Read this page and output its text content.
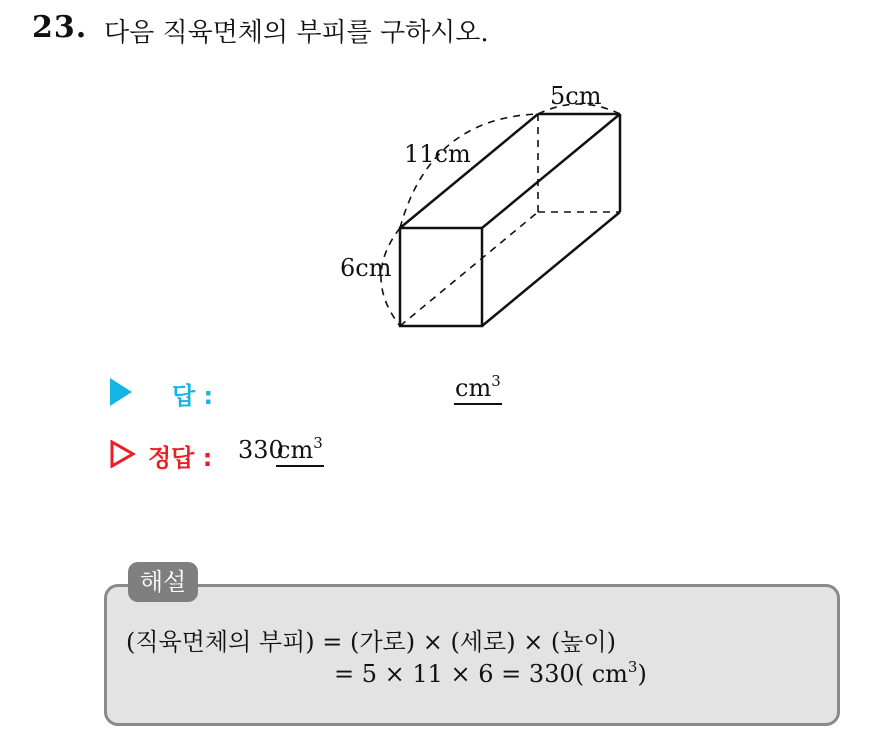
23. 다음 직육면체의 부피를 구하시오.
11cm
5cm
6cm
답 :	$cm^3$
정답 : 330
$cm^3$
해설
(직육면체의 부피) = (가로) × (세로) × (높이)
= 5 × 11 × 6 = 330( $cm^3$)
